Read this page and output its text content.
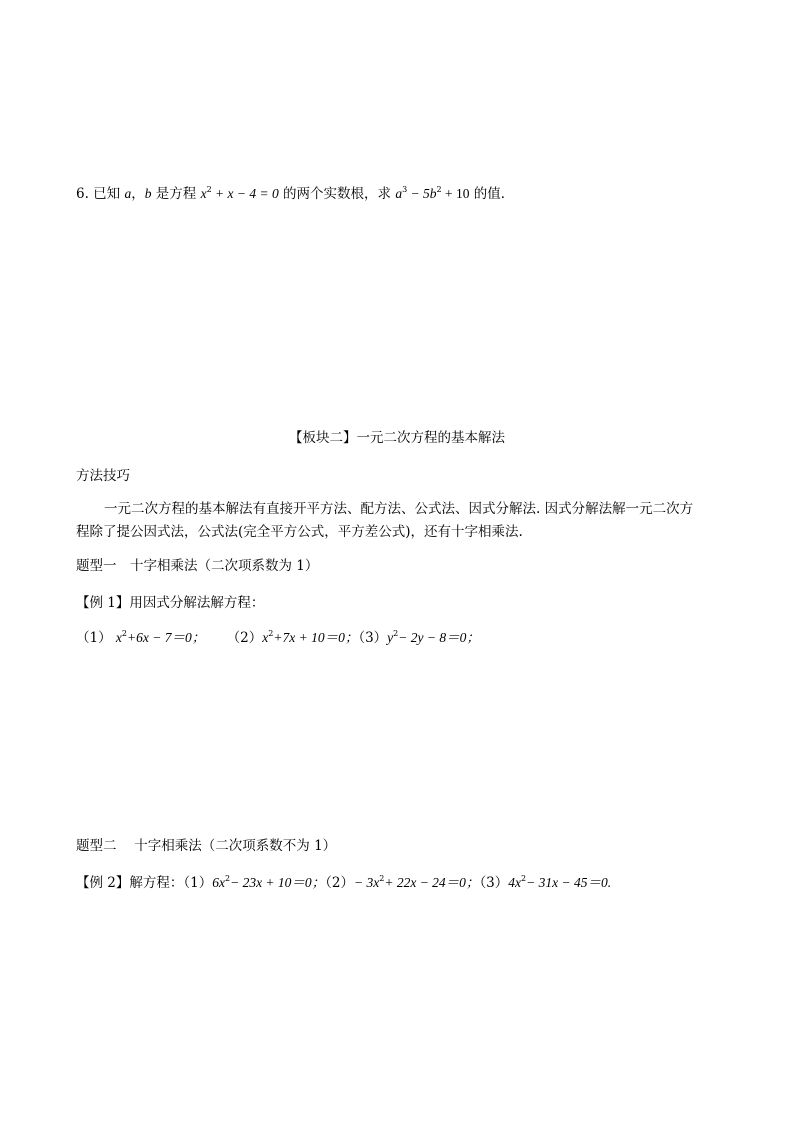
6. 已知 a，b 是方程 $x^2 + x - 4 = 0$ 的两个实数根，求 $a^3 - 5b^2 + 10$ 的值．
【板块二】一元二次方程的基本解法
方法技巧
一元二次方程的基本解法有直接开平方法、配方法、公式法、因式分解法. 因式分解法解一元二次方
程除了提公因式法，公式法(完全平方公式，平方差公式)，还有十字相乘法.
题型一　十字相乘法（二次项系数为 1）
【例 1】用因式分解法解方程：
（1） $x^2+6x - 7=0$； $(2)x^2+7x + 10=0$；$(3)y^2- 2y - 8=0$；
题型二　 十字相乘法（二次项系数不为 1）
【例 2】解方程：$(1)6x^2- 23x + 10=0$；$(2)- 3x^2+ 22x - 24=0$；$(3)4x^2- 31x - 45=0$.
